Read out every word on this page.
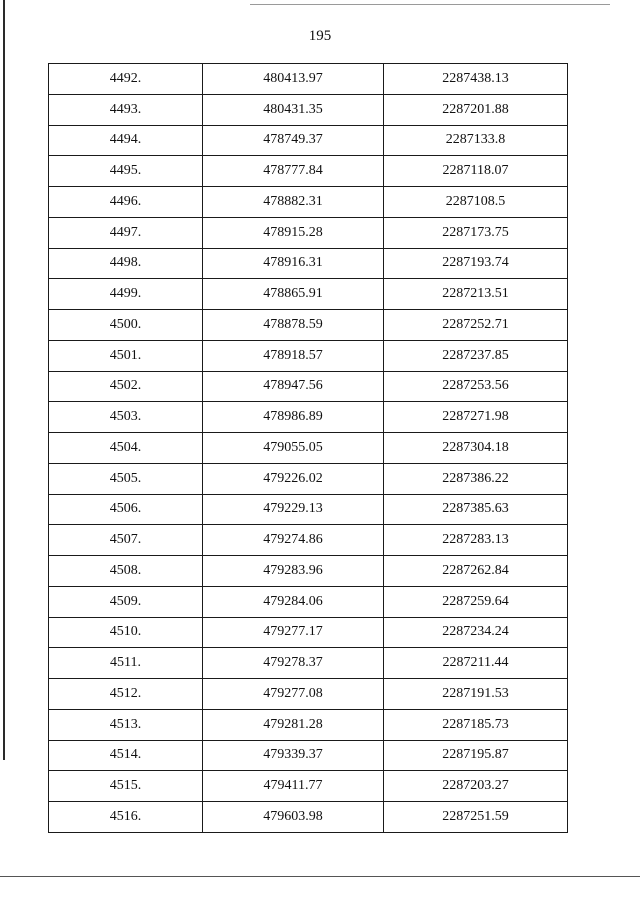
195
4492.	480413.97	2287438.13
4493.	480431.35	2287201.88
4494.	478749.37	2287133.8
4495.	478777.84	2287118.07
4496.	478882.31	2287108.5
4497.	478915.28	2287173.75
4498.	478916.31	2287193.74
4499.	478865.91	2287213.51
4500.	478878.59	2287252.71
4501.	478918.57	2287237.85
4502.	478947.56	2287253.56
4503.	478986.89	2287271.98
4504.	479055.05	2287304.18
4505.	479226.02	2287386.22
4506.	479229.13	2287385.63
4507.	479274.86	2287283.13
4508.	479283.96	2287262.84
4509.	479284.06	2287259.64
4510.	479277.17	2287234.24
4511.	479278.37	2287211.44
4512.	479277.08	2287191.53
4513.	479281.28	2287185.73
4514.	479339.37	2287195.87
4515.	479411.77	2287203.27
4516.	479603.98	2287251.59
